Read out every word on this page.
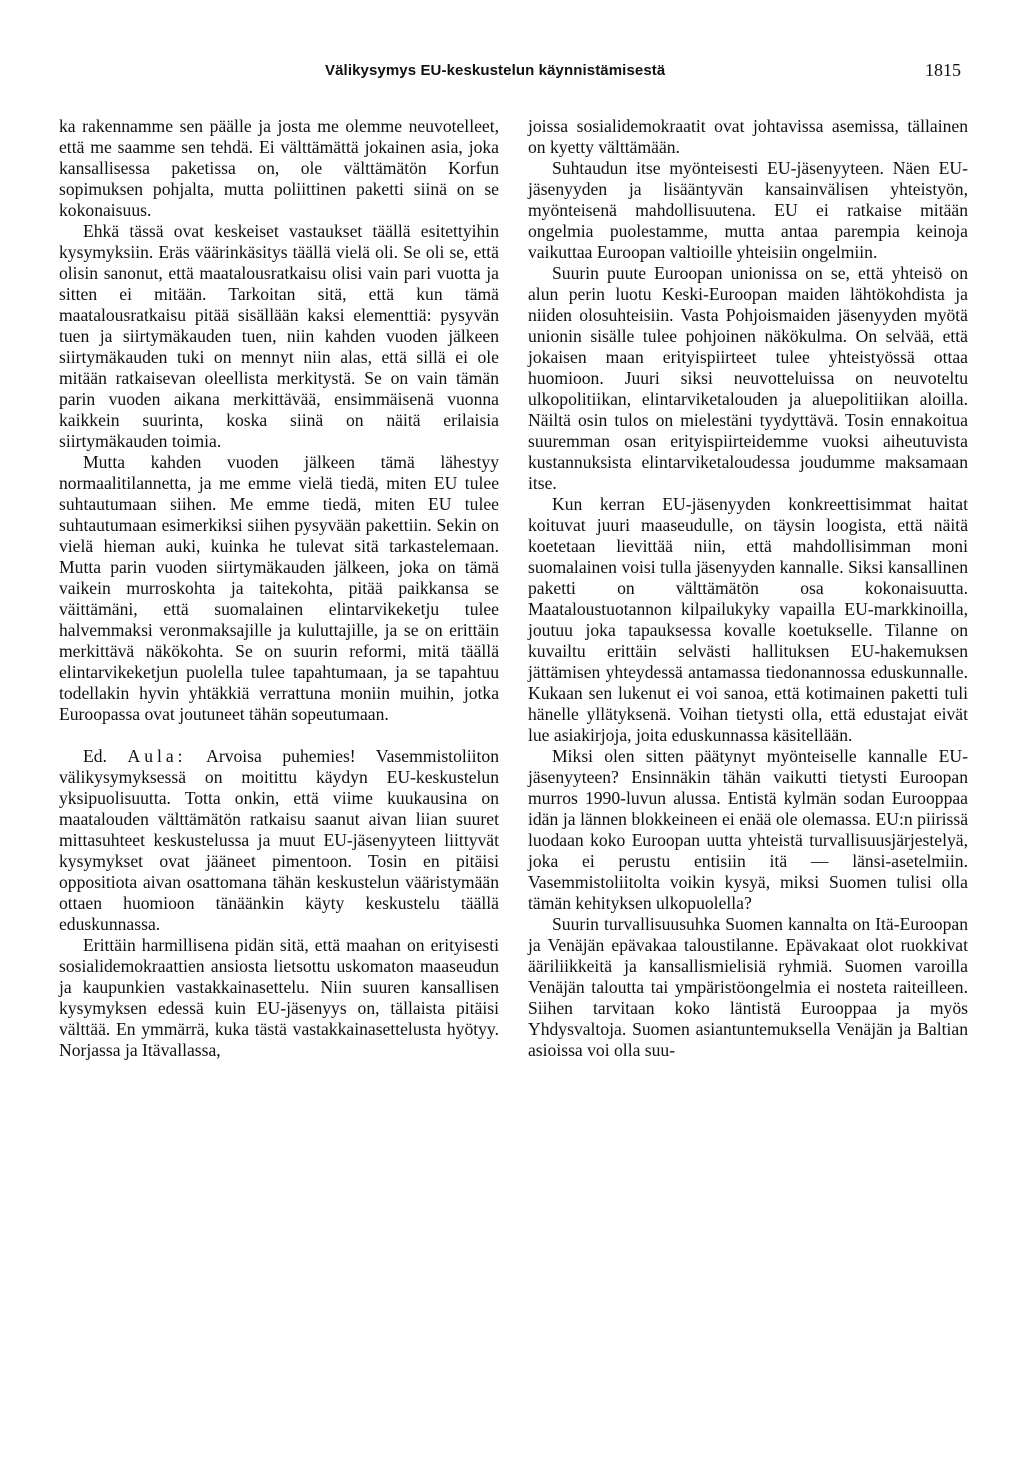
Välikysymys EU-keskustelun käynnistämisestä	1815

ka rakennamme sen päälle ja josta me olemme neuvotelleet, että me saamme sen tehdä. Ei välttämättä jokainen asia, joka kansallisessa paketissa on, ole välttämätön Korfun sopimuksen pohjalta, mutta poliittinen paketti siinä on se kokonaisuus.

Ehkä tässä ovat keskeiset vastaukset täällä esitettyihin kysymyksiin. Eräs väärinkäsitys täällä vielä oli. Se oli se, että olisin sanonut, että maatalousratkaisu olisi vain pari vuotta ja sitten ei mitään. Tarkoitan sitä, että kun tämä maatalousratkaisu pitää sisällään kaksi elementtiä: pysyvän tuen ja siirtymäkauden tuen, niin kahden vuoden jälkeen siirtymäkauden tuki on mennyt niin alas, että sillä ei ole mitään ratkaisevan oleellista merkitystä. Se on vain tämän parin vuoden aikana merkittävää, ensimmäisenä vuonna kaikkein suurinta, koska siinä on näitä erilaisia siirtymäkauden toimia.

Mutta kahden vuoden jälkeen tämä lähestyy normaalitilannetta, ja me emme vielä tiedä, miten EU tulee suhtautumaan siihen. Me emme tiedä, miten EU tulee suhtautumaan esimerkiksi siihen pysyvään pakettiin. Sekin on vielä hieman auki, kuinka he tulevat sitä tarkastelemaan. Mutta parin vuoden siirtymäkauden jälkeen, joka on tämä vaikein murroskohta ja taitekohta, pitää paikkansa se väittämäni, että suomalainen elintarvikeketju tulee halvemmaksi veronmaksajille ja kuluttajille, ja se on erittäin merkittävä näkökohta. Se on suurin reformi, mitä täällä elintarvikeketjun puolella tulee tapahtumaan, ja se tapahtuu todellakin hyvin yhtäkkiä verrattuna moniin muihin, jotka Euroopassa ovat joutuneet tähän sopeutumaan.

Ed. Aula: Arvoisa puhemies! Vasemmistoliiton välikysymyksessä on moitittu käydyn EU-keskustelun yksipuolisuutta. Totta onkin, että viime kuukausina on maatalouden välttämätön ratkaisu saanut aivan liian suuret mittasuhteet keskustelussa ja muut EU-jäsenyyteen liittyvät kysymykset ovat jääneet pimentoon. Tosin en pitäisi oppositiota aivan osattomana tähän keskustelun vääristymään ottaen huomioon tänäänkin käyty keskustelu täällä eduskunnassa.

Erittäin harmillisena pidän sitä, että maahan on erityisesti sosialidemokraattien ansiosta lietsottu uskomaton maaseudun ja kaupunkien vastakkainasettelu. Niin suuren kansallisen kysymyksen edessä kuin EU-jäsenyys on, tällaista pitäisi välttää. En ymmärrä, kuka tästä vastakkainasettelusta hyötyy. Norjassa ja Itävallassa,

joissa sosialidemokraatit ovat johtavissa asemissa, tällainen on kyetty välttämään.

Suhtaudun itse myönteisesti EU-jäsenyyteen. Näen EU-jäsenyyden ja lisääntyvän kansainvälisen yhteistyön, myönteisenä mahdollisuutena. EU ei ratkaise mitään ongelmia puolestamme, mutta antaa parempia keinoja vaikuttaa Euroopan valtioille yhteisiin ongelmiin.

Suurin puute Euroopan unionissa on se, että yhteisö on alun perin luotu Keski-Euroopan maiden lähtökohdista ja niiden olosuhteisiin. Vasta Pohjoismaiden jäsenyyden myötä unionin sisälle tulee pohjoinen näkökulma. On selvää, että jokaisen maan erityispiirteet tulee yhteistyössä ottaa huomioon. Juuri siksi neuvotteluissa on neuvoteltu ulkopolitiikan, elintarviketalouden ja aluepolitiikan aloilla. Näiltä osin tulos on mielestäni tyydyttävä. Tosin ennakoitua suuremman osan erityispiirteidemme vuoksi aiheutuvista kustannuksista elintarviketaloudessa joudumme maksamaan itse.

Kun kerran EU-jäsenyyden konkreettisimmat haitat koituvat juuri maaseudulle, on täysin loogista, että näitä koetetaan lievittää niin, että mahdollisimman moni suomalainen voisi tulla jäsenyyden kannalle. Siksi kansallinen paketti on välttämätön osa kokonaisuutta. Maataloustuotannon kilpailukyky vapailla EU-markkinoilla, joutuu joka tapauksessa kovalle koetukselle. Tilanne on kuvailtu erittäin selvästi hallituksen EU-hakemuksen jättämisen yhteydessä antamassa tiedonannossa eduskunnalle. Kukaan sen lukenut ei voi sanoa, että kotimainen paketti tuli hänelle yllätyksenä. Voihan tietysti olla, että edustajat eivät lue asiakirjoja, joita eduskunnassa käsitellään.

Miksi olen sitten päätynyt myönteiselle kannalle EU-jäsenyyteen? Ensinnäkin tähän vaikutti tietysti Euroopan murros 1990-luvun alussa. Entistä kylmän sodan Eurooppaa idän ja lännen blokkeineen ei enää ole olemassa. EU:n piirissä luodaan koko Euroopan uutta yhteistä turvallisuusjärjestelyä, joka ei perustu entisiin itä — länsi-asetelmiin. Vasemmistoliitolta voikin kysyä, miksi Suomen tulisi olla tämän kehityksen ulkopuolella?

Suurin turvallisuusuhka Suomen kannalta on Itä-Euroopan ja Venäjän epävakaa taloustilanne. Epävakaat olot ruokkivat ääriliikkeitä ja kansallismielisiä ryhmiä. Suomen varoilla Venäjän taloutta tai ympäristöongelmia ei nosteta raiteilleen. Siihen tarvitaan koko läntistä Eurooppaa ja myös Yhdysvaltoja. Suomen asiantuntemuksella Venäjän ja Baltian asioissa voi olla suu-
